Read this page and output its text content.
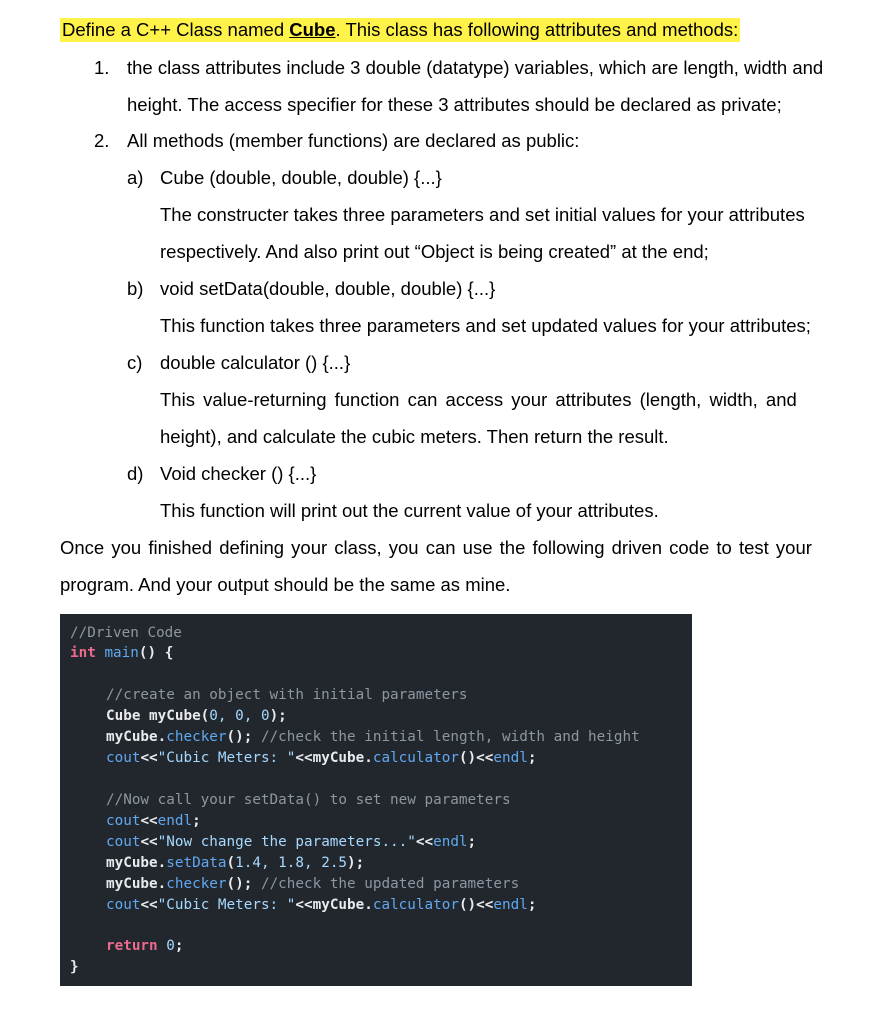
Define a C++ Class named Cube. This class has following attributes and methods:
1. the class attributes include 3 double (datatype) variables, which are length, width and
height. The access specifier for these 3 attributes should be declared as private;
2. All methods (member functions) are declared as public:
a) Cube (double, double, double) {...}
The constructer takes three parameters and set initial values for your attributes
respectively. And also print out “Object is being created” at the end;
b) void setData(double, double, double) {...}
This function takes three parameters and set updated values for your attributes;
c) double calculator () {...}
This value-returning function can access your attributes (length, width, and
height), and calculate the cubic meters. Then return the result.
d) Void checker () {...}
This function will print out the current value of your attributes.
Once you finished defining your class, you can use the following driven code to test your
program. And your output should be the same as mine.
//Driven Code
int main() {
//create an object with initial parameters
Cube myCube(0, 0, 0);
myCube.checker(); //check the initial length, width and height
cout<<"Cubic Meters: "<<myCube.calculator()<<endl;
//Now call your setData() to set new parameters
cout<<endl;
cout<<"Now change the parameters..."<<endl;
myCube.setData(1.4, 1.8, 2.5);
myCube.checker(); //check the updated parameters
cout<<"Cubic Meters: "<<myCube.calculator()<<endl;
return 0;
}
